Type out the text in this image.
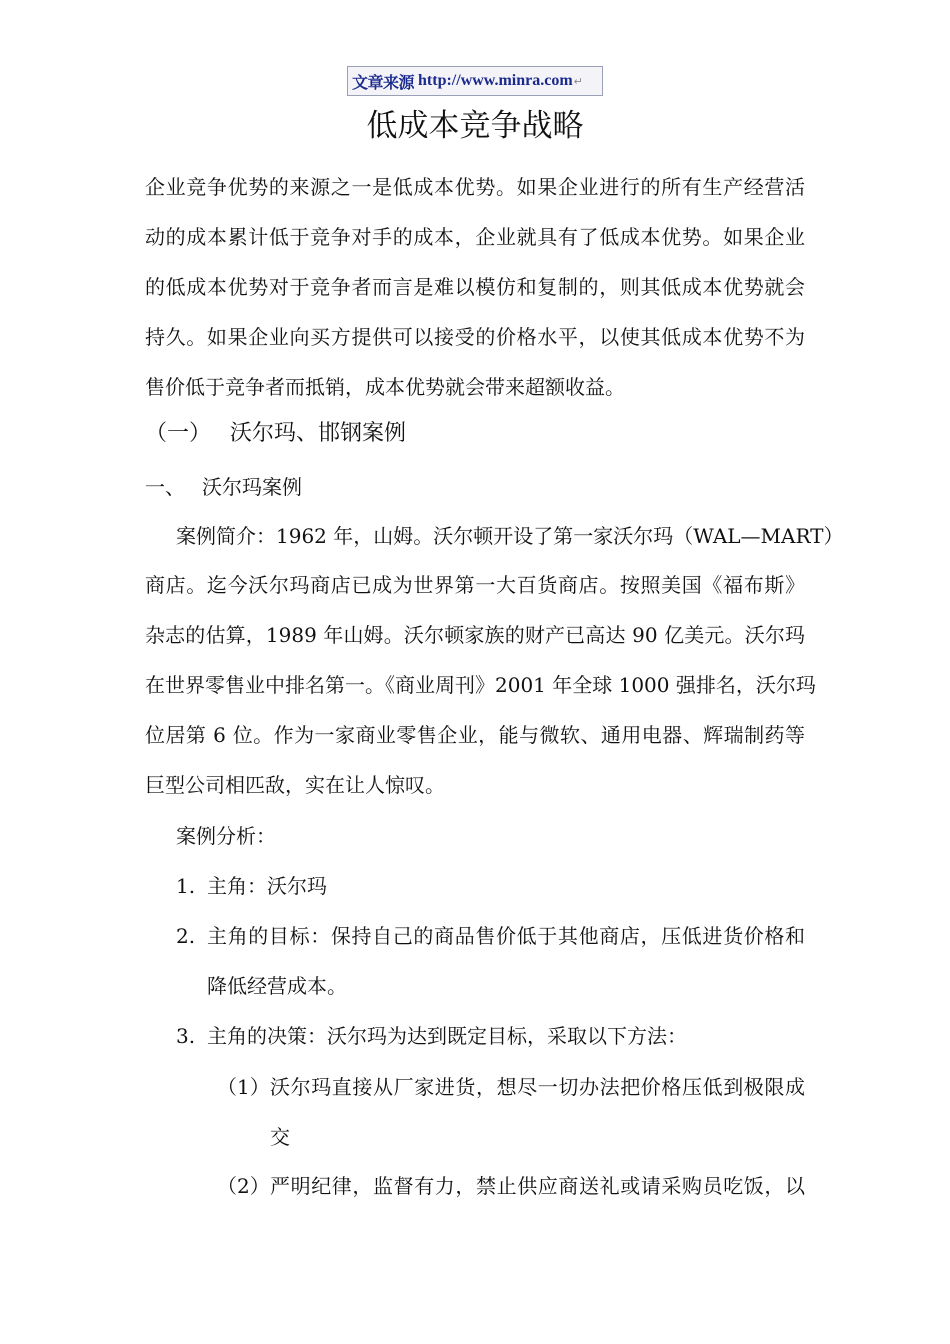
文章来源 http://www.minra.com ↵
低成本竞争战略
企业竞争优势的来源之一是低成本优势。如果企业进行的所有生产经营活
动的成本累计低于竞争对手的成本，企业就具有了低成本优势。如果企业
的低成本优势对于竞争者而言是难以模仿和复制的，则其低成本优势就会
持久。如果企业向买方提供可以接受的价格水平，以使其低成本优势不为
售价低于竞争者而抵销，成本优势就会带来超额收益。
（一） 沃尔玛、邯钢案例
一、 沃尔玛案例
案例简介：1962 年，山姆。沃尔顿开设了第一家沃尔玛（WAL—MART）
商店。迄今沃尔玛商店已成为世界第一大百货商店。按照美国《福布斯》
杂志的估算，1989 年山姆。沃尔顿家族的财产已高达 90 亿美元。沃尔玛
在世界零售业中排名第一。《商业周刊》2001 年全球 1000 强排名，沃尔玛
位居第 6 位。作为一家商业零售企业，能与微软、通用电器、辉瑞制药等
巨型公司相匹敌，实在让人惊叹。
案例分析：
1. 主角：沃尔玛
2. 主角的目标：保持自己的商品售价低于其他商店，压低进货价格和
降低经营成本。
3. 主角的决策：沃尔玛为达到既定目标，采取以下方法：
（1） 沃尔玛直接从厂家进货，想尽一切办法把价格压低到极限成
交
（2） 严明纪律，监督有力，禁止供应商送礼或请采购员吃饭，以
